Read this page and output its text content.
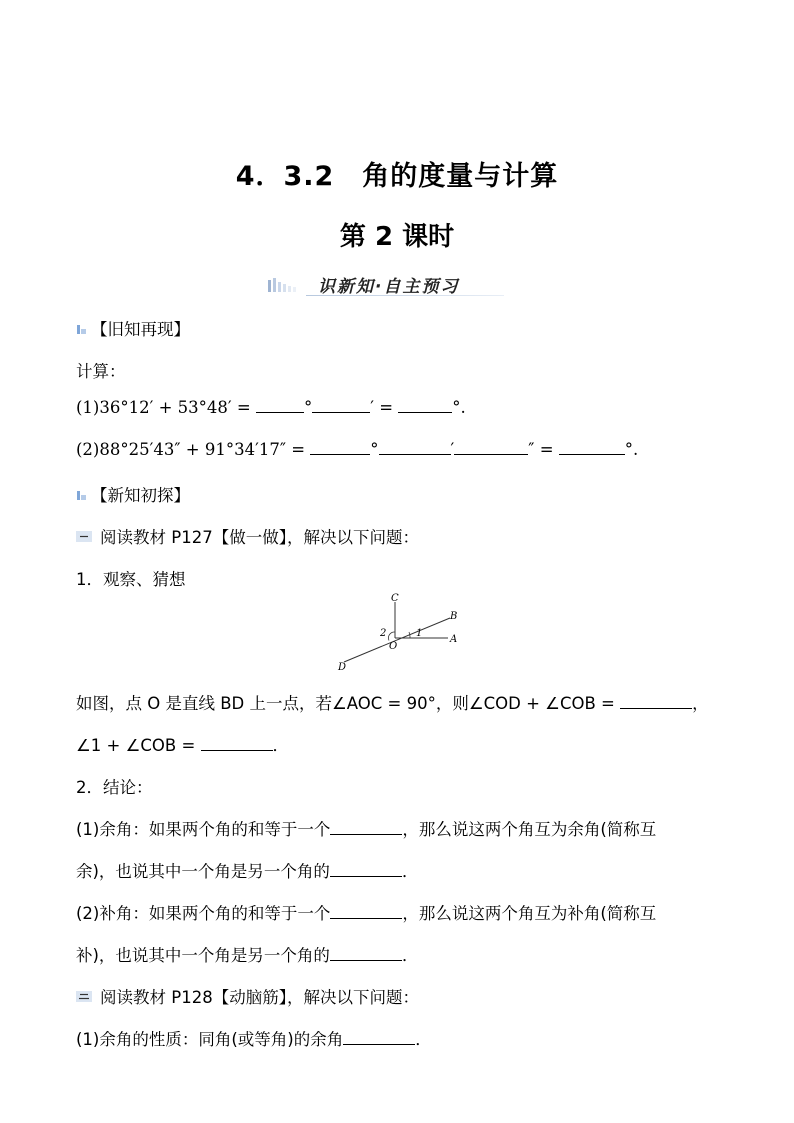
4．3.2　角的度量与计算
第 2 课时
识新知·自主预习
【旧知再现】
计算：
(1)36°12′ + 53°48′ =	°	′ =	°.
(2)88°25′43″ + 91°34′17″ =	°	′	″ =	°.
【新知初探】
阅读教材 P127【做一做】，解决以下问题：
1．观察、猜想
C
B
A
O
D
1
2
如图，点 O 是直线 BD 上一点，若∠AOC = 90°，则∠COD + ∠COB =	，
∠1 + ∠COB =	．
2．结论：
(1)余角：如果两个角的和等于一个	，那么说这两个角互为余角(简称互
余)，也说其中一个角是另一个角的	．
(2)补角：如果两个角的和等于一个	，那么说这两个角互为补角(简称互
补)，也说其中一个角是另一个角的	．
阅读教材 P128【动脑筋】，解决以下问题：
(1)余角的性质：同角(或等角)的余角	．
